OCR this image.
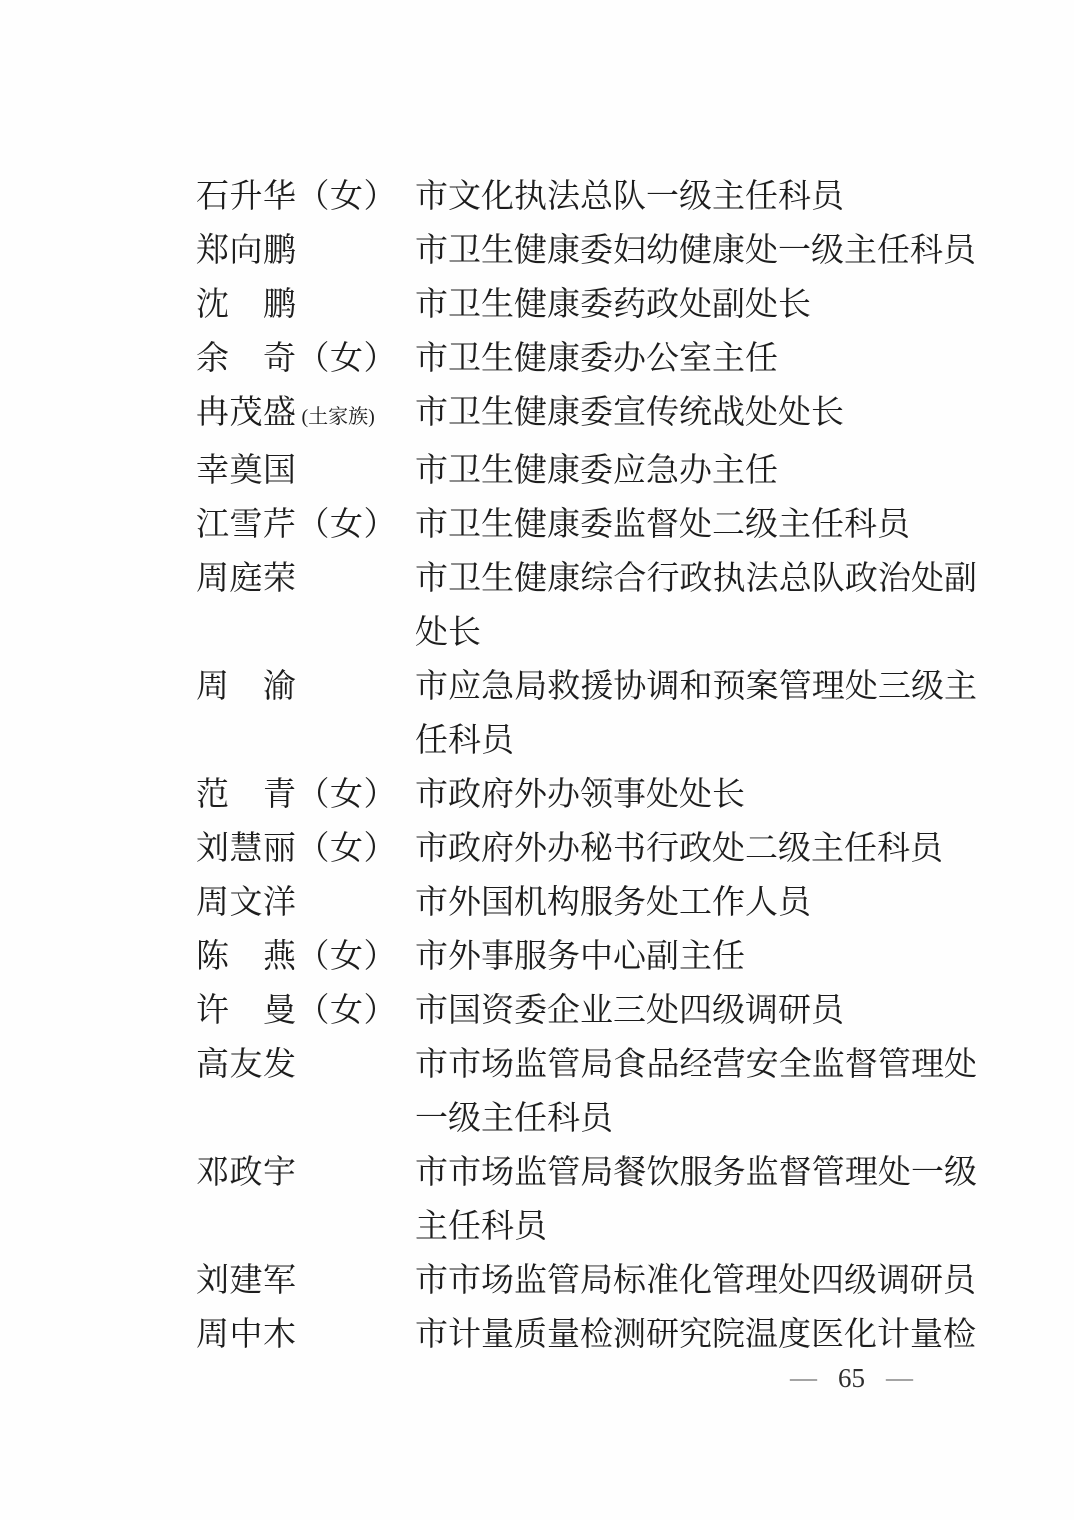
石升华（女） 市文化执法总队一级主任科员
郑向鹏	市卫生健康委妇幼健康处一级主任科员
沈　鹏	市卫生健康委药政处副处长
余　奇（女） 市卫生健康委办公室主任
冉茂盛 (土家族)	市卫生健康委宣传统战处处长
幸奠国	市卫生健康委应急办主任
江雪芹（女） 市卫生健康委监督处二级主任科员
周庭荣	市卫生健康综合行政执法总队政治处副
处长
周　渝	市应急局救援协调和预案管理处三级主
任科员
范　青（女） 市政府外办领事处处长
刘慧丽（女） 市政府外办秘书行政处二级主任科员
周文洋	市外国机构服务处工作人员
陈　燕（女） 市外事服务中心副主任
许　曼（女） 市国资委企业三处四级调研员
高友发	市市场监管局食品经营安全监督管理处
一级主任科员
邓政宇	市市场监管局餐饮服务监督管理处一级
主任科员
刘建军	市市场监管局标准化管理处四级调研员
周中木	市计量质量检测研究院温度医化计量检
— 65 —
